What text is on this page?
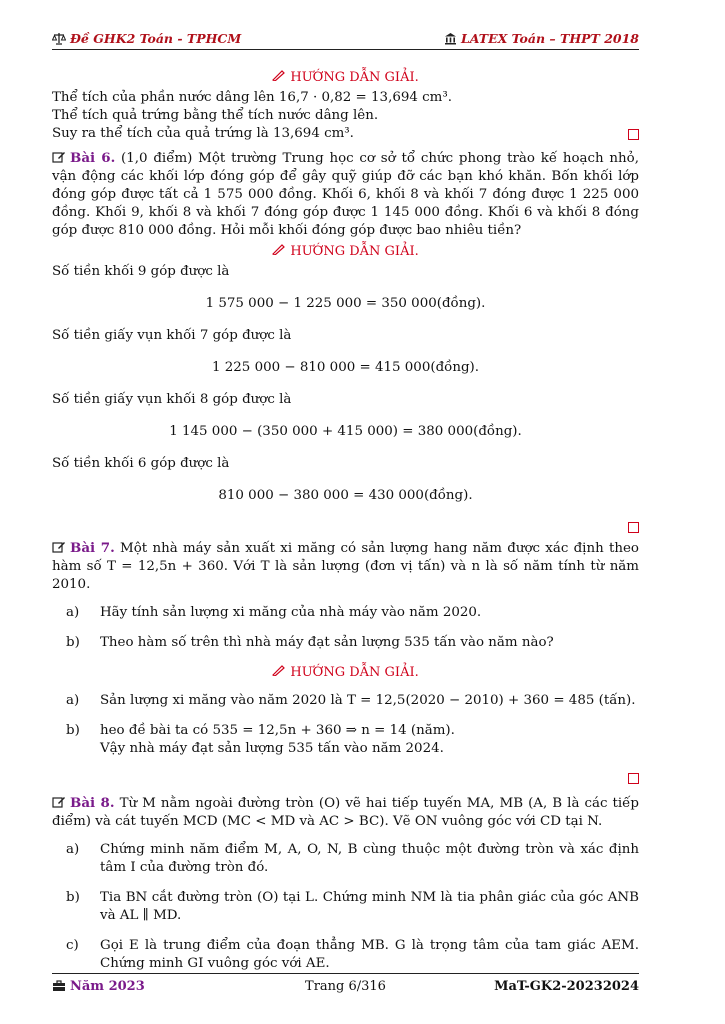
Đề GHK2 Toán - TPHCM	LATEX Toán – THPT 2018
HƯỚNG DẪN GIẢI.

Thể tích của phần nước dâng lên 16,7 · 0,82 = 13,694 cm³.

Thể tích quả trứng bằng thể tích nước dâng lên.

Suy ra thể tích của quả trứng là 13,694 cm³.

Bài 6. (1,0 điểm) Một trường Trung học cơ sở tổ chức phong trào kế hoạch nhỏ, vận động các khối lớp đóng góp để gây quỹ giúp đỡ các bạn khó khăn. Bốn khối lớp đóng góp được tất cả 1 575 000 đồng. Khối 6, khối 8 và khối 7 đóng được 1 225 000 đồng. Khối 9, khối 8 và khối 7 đóng góp được 1 145 000 đồng. Khối 6 và khối 8 đóng góp được 810 000 đồng. Hỏi mỗi khối đóng góp được bao nhiêu tiền?

HƯỚNG DẪN GIẢI.

Số tiền khối 9 góp được là

1 575 000 − 1 225 000 = 350 000(đồng).

Số tiền giấy vụn khối 7 góp được là

1 225 000 − 810 000 = 415 000(đồng).

Số tiền giấy vụn khối 8 góp được là

1 145 000 − (350 000 + 415 000) = 380 000(đồng).

Số tiền khối 6 góp được là

810 000 − 380 000 = 430 000(đồng).

Bài 7. Một nhà máy sản xuất xi măng có sản lượng hang năm được xác định theo hàm số T = 12,5n + 360. Với T là sản lượng (đơn vị tấn) và n là số năm tính từ năm 2010.

a)	Hãy tính sản lượng xi măng của nhà máy vào năm 2020.
b)	Theo hàm số trên thì nhà máy đạt sản lượng 535 tấn vào năm nào?
HƯỚNG DẪN GIẢI.
a)	Sản lượng xi măng vào năm 2020 là T = 12,5(2020 − 2010) + 360 = 485 (tấn).
b)	heo đề bài ta có 535 = 12,5n + 360 ⇒ n = 14 (năm).
Vậy nhà máy đạt sản lượng 535 tấn vào năm 2024.

Bài 8. Từ M nằm ngoài đường tròn (O) vẽ hai tiếp tuyến MA, MB (A, B là các tiếp điểm) và cát tuyến MCD (MC < MD và AC > BC). Vẽ ON vuông góc với CD tại N.

a)	Chứng minh năm điểm M, A, O, N, B cùng thuộc một đường tròn và xác định tâm I của đường tròn đó.
b)	Tia BN cắt đường tròn (O) tại L. Chứng minh NM là tia phân giác của góc ANB và AL ∥ MD.
c)	Gọi E là trung điểm của đoạn thẳng MB. G là trọng tâm của tam giác AEM. Chứng minh GI vuông góc với AE.
Năm 2023	Trang 6/316	MaT-GK2-20232024
